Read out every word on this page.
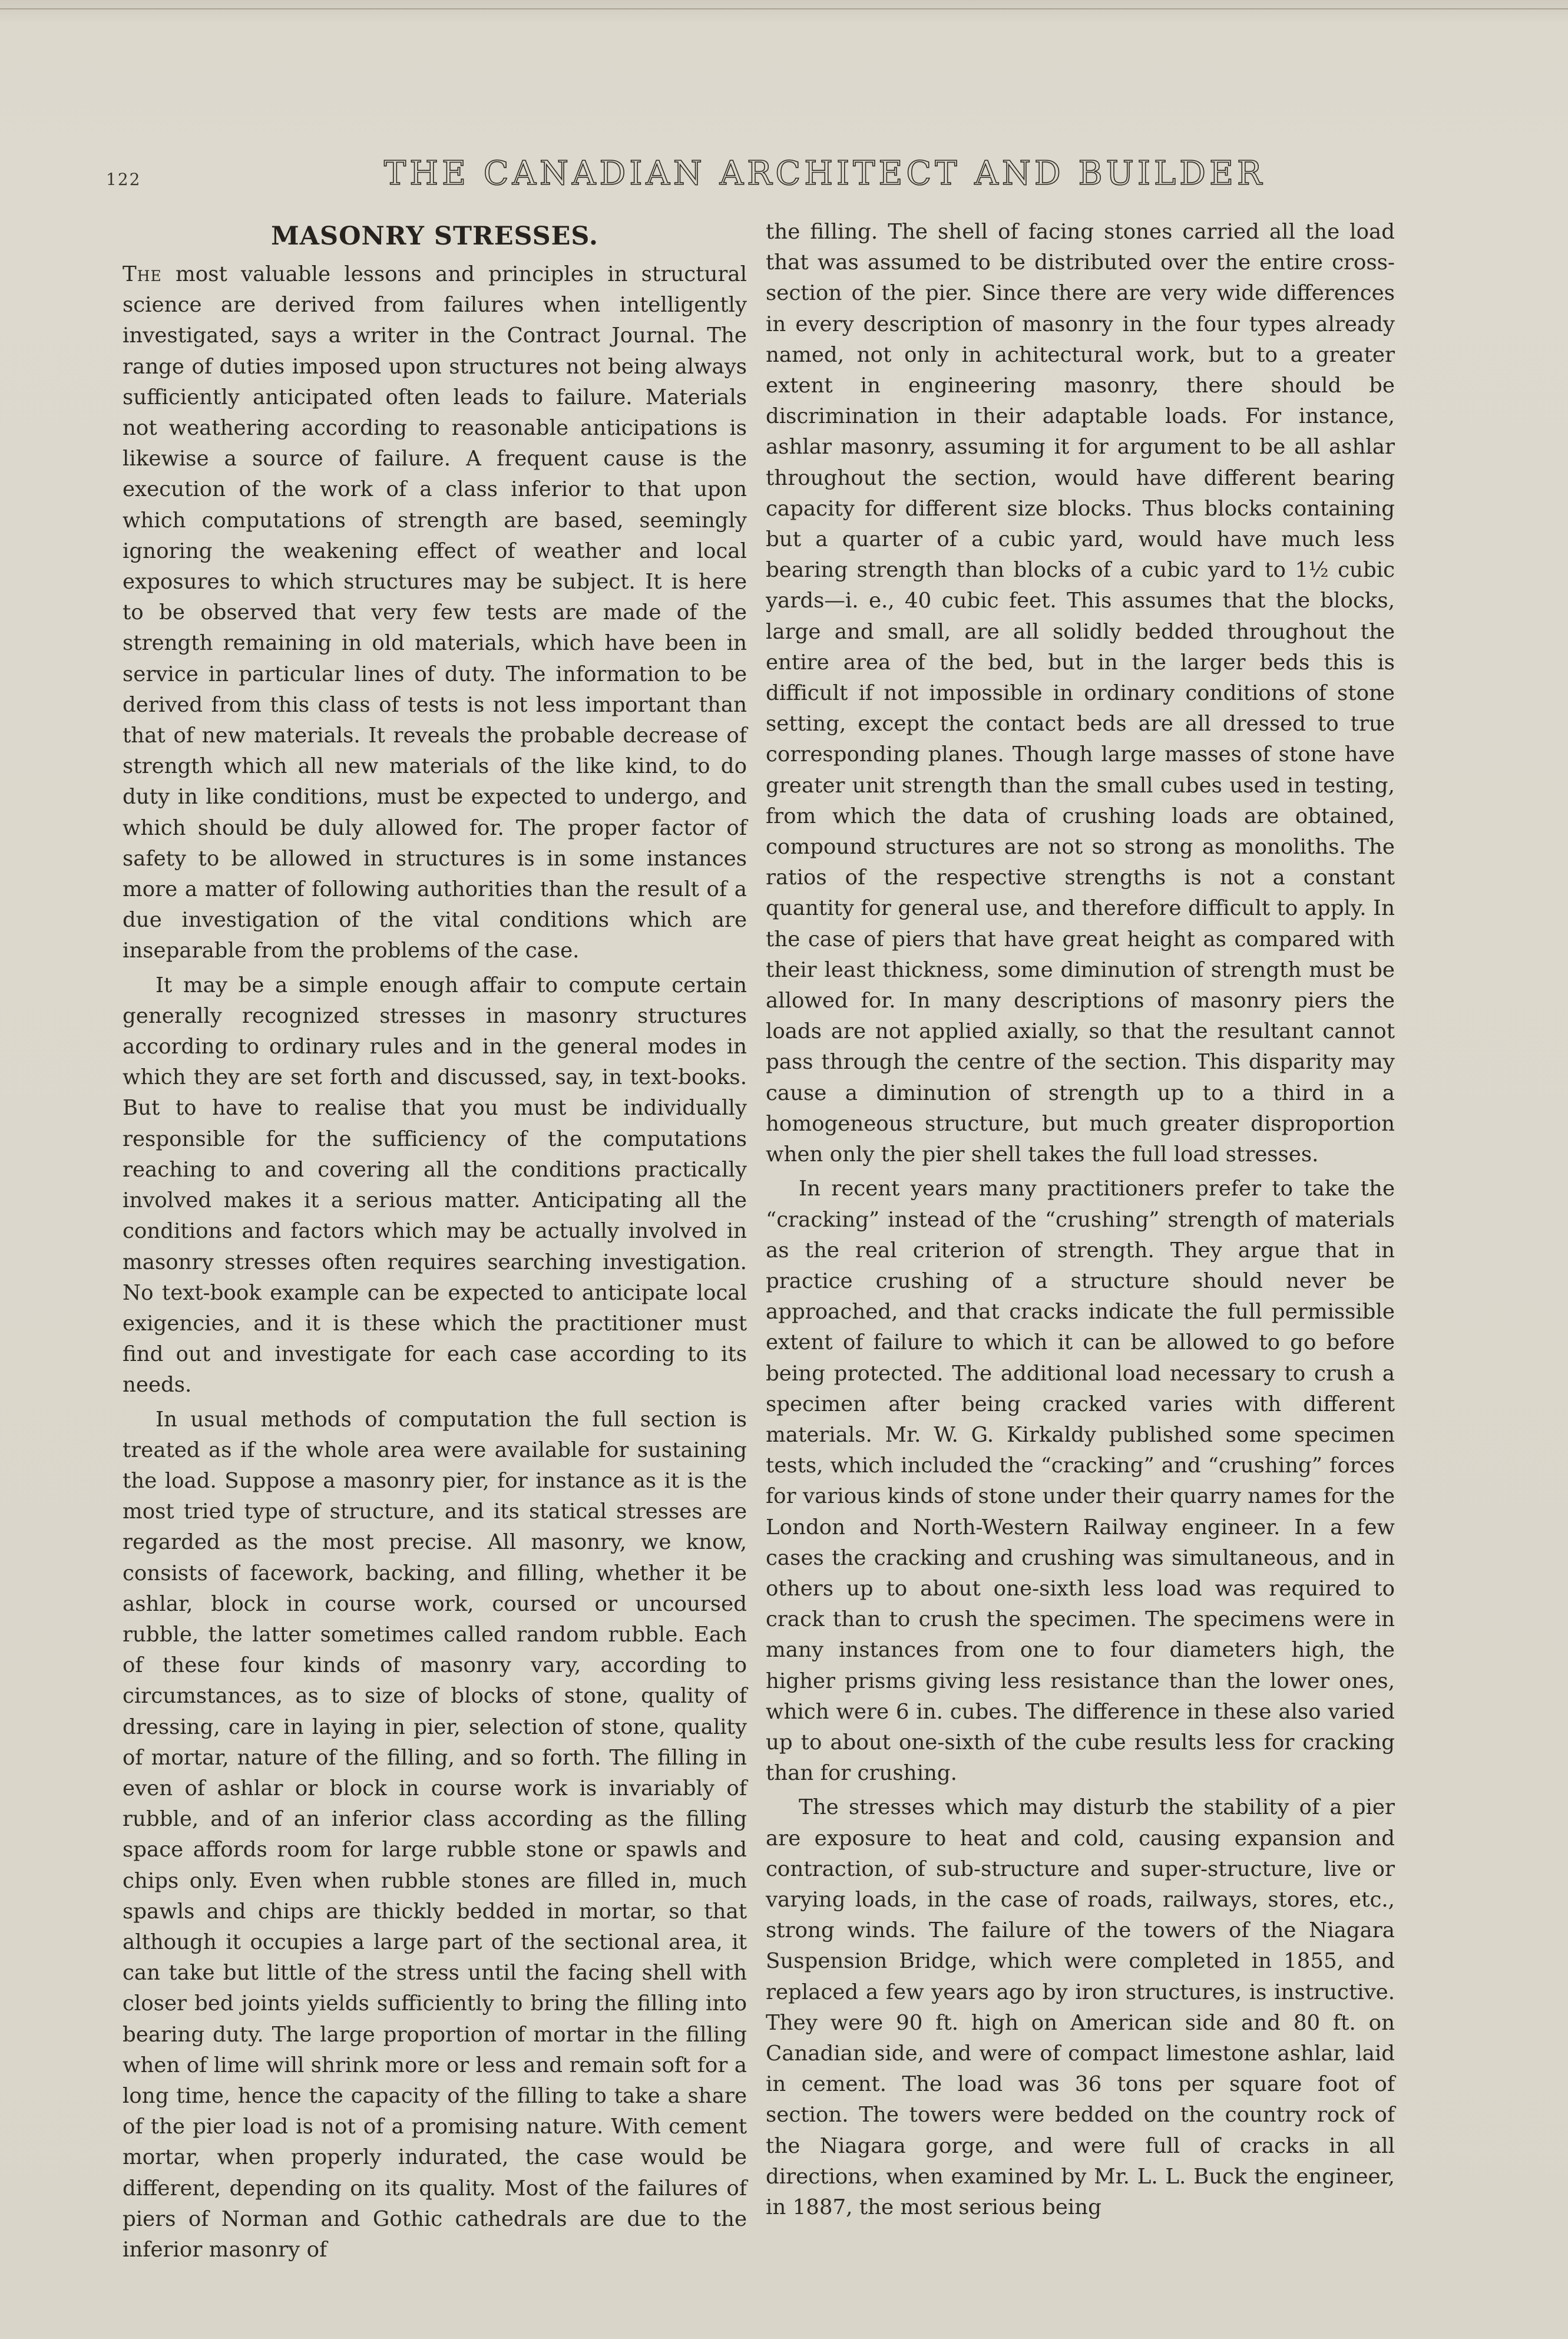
122	THE CANADIAN ARCHITECT AND BUILDER
MASONRY STRESSES.

The most valuable lessons and principles in structural science are derived from failures when intelligently investigated, says a writer in the Contract Journal. The range of duties imposed upon structures not being always sufficiently anticipated often leads to failure. Materials not weathering according to reasonable anticipations is likewise a source of failure. A frequent cause is the execution of the work of a class inferior to that upon which computations of strength are based, seemingly ignoring the weakening effect of weather and local exposures to which structures may be subject. It is here to be observed that very few tests are made of the strength remaining in old materials, which have been in service in particular lines of duty. The information to be derived from this class of tests is not less important than that of new materials. It reveals the probable decrease of strength which all new materials of the like kind, to do duty in like conditions, must be expected to undergo, and which should be duly allowed for. The proper factor of safety to be allowed in structures is in some instances more a matter of following authorities than the result of a due investigation of the vital conditions which are inseparable from the problems of the case.

It may be a simple enough affair to compute certain generally recognized stresses in masonry structures according to ordinary rules and in the general modes in which they are set forth and discussed, say, in text-books. But to have to realise that you must be individually responsible for the sufficiency of the computations reaching to and covering all the conditions practically involved makes it a serious matter. Anticipating all the conditions and factors which may be actually involved in masonry stresses often requires searching investigation. No text-book example can be expected to anticipate local exigencies, and it is these which the practitioner must find out and investigate for each case according to its needs.

In usual methods of computation the full section is treated as if the whole area were available for sustaining the load. Suppose a masonry pier, for instance as it is the most tried type of structure, and its statical stresses are regarded as the most precise. All masonry, we know, consists of facework, backing, and filling, whether it be ashlar, block in course work, coursed or uncoursed rubble, the latter sometimes called random rubble. Each of these four kinds of masonry vary, according to circumstances, as to size of blocks of stone, quality of dressing, care in laying in pier, selection of stone, quality of mortar, nature of the filling, and so forth. The filling in even of ashlar or block in course work is invariably of rubble, and of an inferior class according as the filling space affords room for large rubble stone or spawls and chips only. Even when rubble stones are filled in, much spawls and chips are thickly bedded in mortar, so that although it occupies a large part of the sectional area, it can take but little of the stress until the facing shell with closer bed joints yields sufficiently to bring the filling into bearing duty. The large proportion of mortar in the filling when of lime will shrink more or less and remain soft for a long time, hence the capacity of the filling to take a share of the pier load is not of a promising nature. With cement mortar, when properly indurated, the case would be different, depending on its quality. Most of the failures of piers of Norman and Gothic cathedrals are due to the inferior masonry of

the filling. The shell of facing stones carried all the load that was assumed to be distributed over the entire cross-section of the pier. Since there are very wide differences in every description of masonry in the four types already named, not only in achitectural work, but to a greater extent in engineering masonry, there should be discrimination in their adaptable loads. For instance, ashlar masonry, assuming it for argument to be all ashlar throughout the section, would have different bearing capacity for different size blocks. Thus blocks containing but a quarter of a cubic yard, would have much less bearing strength than blocks of a cubic yard to 1½ cubic yards—i. e., 40 cubic feet. This assumes that the blocks, large and small, are all solidly bedded throughout the entire area of the bed, but in the larger beds this is difficult if not impossible in ordinary conditions of stone setting, except the contact beds are all dressed to true corresponding planes. Though large masses of stone have greater unit strength than the small cubes used in testing, from which the data of crushing loads are obtained, compound structures are not so strong as monoliths. The ratios of the respective strengths is not a constant quantity for general use, and therefore difficult to apply. In the case of piers that have great height as compared with their least thickness, some diminution of strength must be allowed for. In many descriptions of masonry piers the loads are not applied axially, so that the resultant cannot pass through the centre of the section. This disparity may cause a diminution of strength up to a third in a homogeneous structure, but much greater disproportion when only the pier shell takes the full load stresses.

In recent years many practitioners prefer to take the “cracking” instead of the “crushing” strength of materials as the real criterion of strength. They argue that in practice crushing of a structure should never be approached, and that cracks indicate the full permissible extent of failure to which it can be allowed to go before being protected. The additional load necessary to crush a specimen after being cracked varies with different materials. Mr. W. G. Kirkaldy published some specimen tests, which included the “cracking” and “crushing” forces for various kinds of stone under their quarry names for the London and North-Western Railway engineer. In a few cases the cracking and crushing was simultaneous, and in others up to about one-sixth less load was required to crack than to crush the specimen. The specimens were in many instances from one to four diameters high, the higher prisms giving less resistance than the lower ones, which were 6 in. cubes. The difference in these also varied up to about one-sixth of the cube results less for cracking than for crushing.

The stresses which may disturb the stability of a pier are exposure to heat and cold, causing expansion and contraction, of sub-structure and super-structure, live or varying loads, in the case of roads, railways, stores, etc., strong winds. The failure of the towers of the Niagara Suspension Bridge, which were completed in 1855, and replaced a few years ago by iron structures, is instructive. They were 90 ft. high on American side and 80 ft. on Canadian side, and were of compact limestone ashlar, laid in cement. The load was 36 tons per square foot of section. The towers were bedded on the country rock of the Niagara gorge, and were full of cracks in all directions, when examined by Mr. L. L. Buck the engineer, in 1887, the most serious being
